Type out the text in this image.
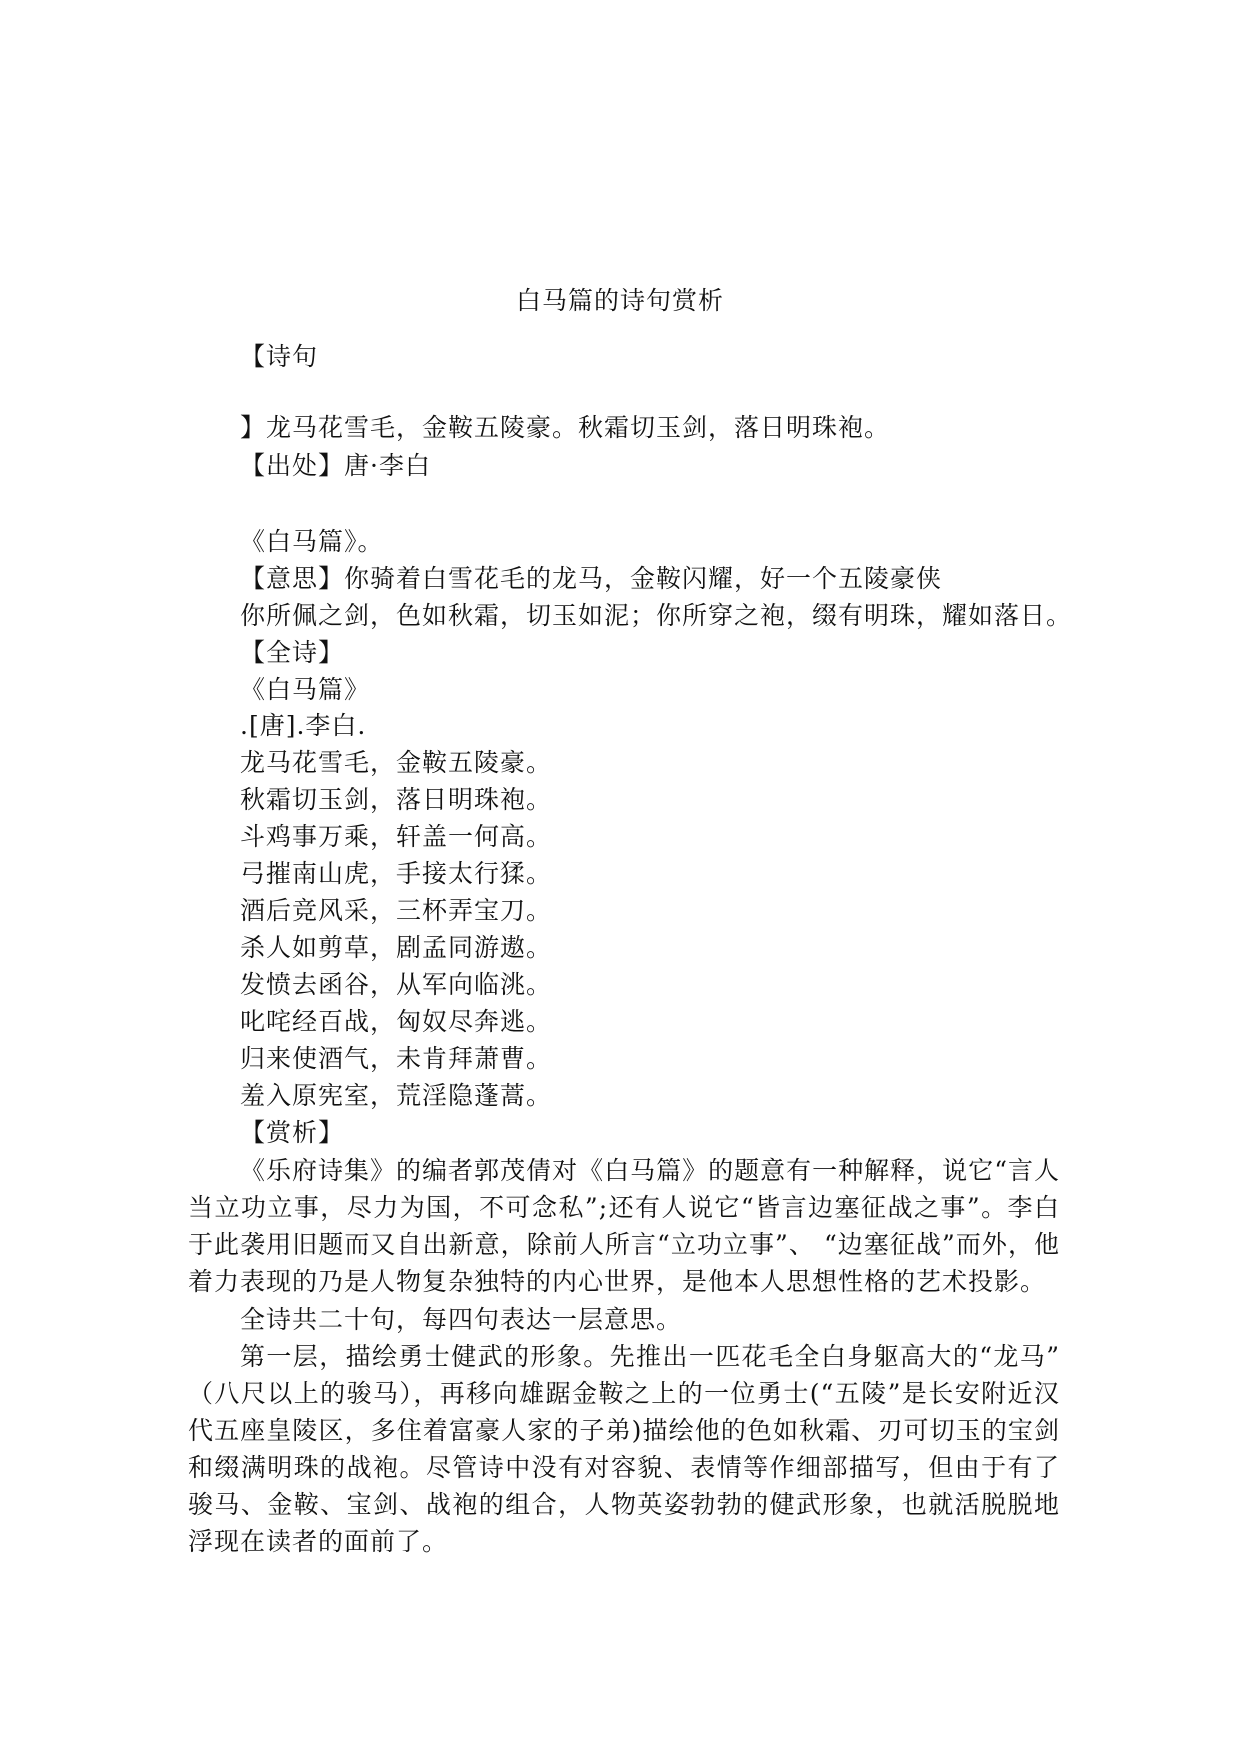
白马篇的诗句赏析
【诗句
】龙马花雪毛，金鞍五陵豪。秋霜切玉剑，落日明珠袍。
【出处】唐·李白
《白马篇》。
【意思】你骑着白雪花毛的龙马，金鞍闪耀，好一个五陵豪侠
你所佩之剑，色如秋霜，切玉如泥；你所穿之袍，缀有明珠，耀如落日。
【全诗】
《白马篇》
.[唐].李白.
龙马花雪毛，金鞍五陵豪。
秋霜切玉剑，落日明珠袍。
斗鸡事万乘，轩盖一何高。
弓摧南山虎，手接太行猱。
酒后竞风采，三杯弄宝刀。
杀人如剪草，剧孟同游遨。
发愤去函谷，从军向临洮。
叱咤经百战，匈奴尽奔逃。
归来使酒气，未肯拜萧曹。
羞入原宪室，荒淫隐蓬蒿。
【赏析】
《乐府诗集》的编者郭茂倩对《白马篇》的题意有一种解释，说它“言人当立功立事，尽力为国，不可念私”;还有人说它“皆言边塞征战之事”。李白于此袭用旧题而又自出新意，除前人所言“立功立事”、 “边塞征战”而外，他着力表现的乃是人物复杂独特的内心世界，是他本人思想性格的艺术投影。
全诗共二十句，每四句表达一层意思。
第一层，描绘勇士健武的形象。先推出一匹花毛全白身躯高大的“龙马” （八尺以上的骏马），再移向雄踞金鞍之上的一位勇士(“五陵”是长安附近汉代五座皇陵区，多住着富豪人家的子弟)描绘他的色如秋霜、刃可切玉的宝剑和缀满明珠的战袍。尽管诗中没有对容貌、表情等作细部描写，但由于有了骏马、金鞍、宝剑、战袍的组合，人物英姿勃勃的健武形象，也就活脱脱地浮现在读者的面前了。
